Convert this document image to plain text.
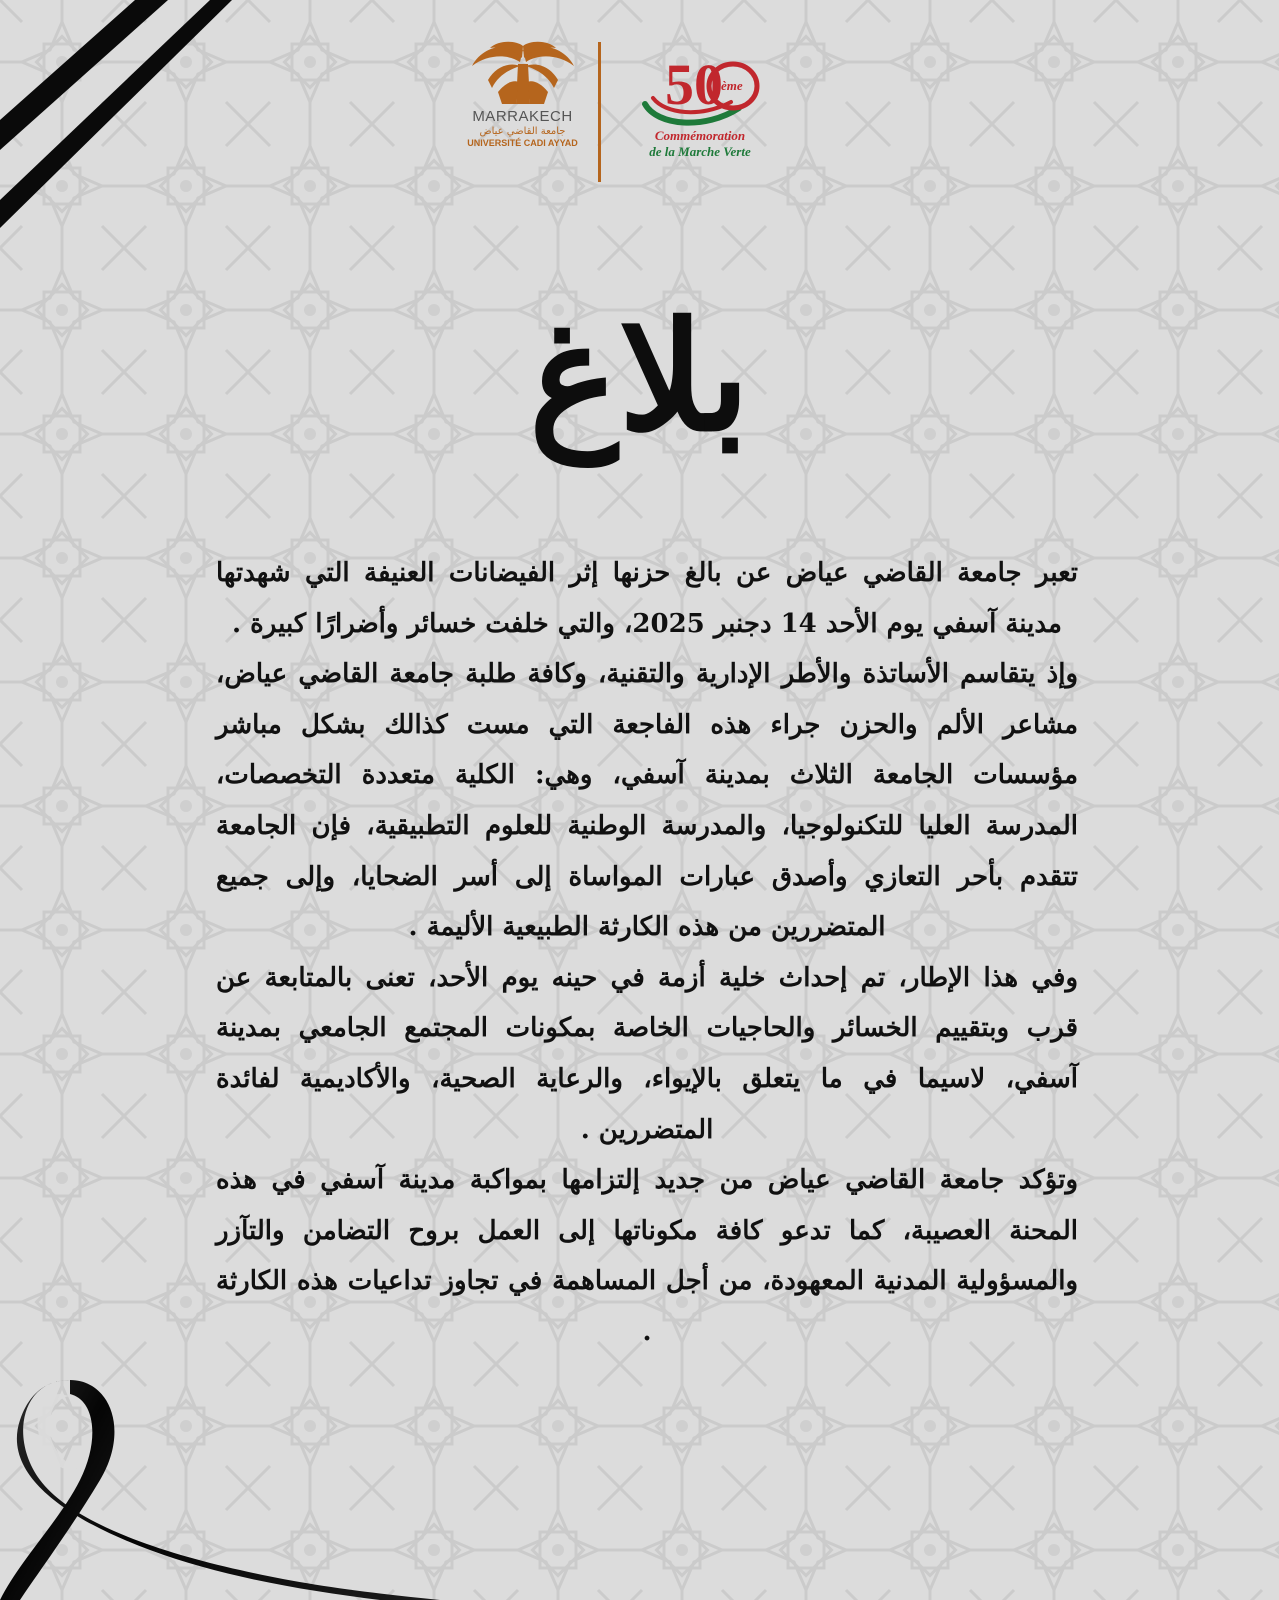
MARRAKECH
جامعة القاضي عياض
UNIVERSITÉ CADI AYYAD
50
ème
Commémoration
de la Marche Verte
بلاغ

تعبر جامعة القاضي عياض عن بالغ حزنها إثر الفيضانات العنيفة التي شهدتها مدينة آسفي يوم الأحد 14 دجنبر 2025، والتي خلفت خسائر وأضرارًا كبيرة .

وإذ يتقاسم الأساتذة والأطر الإدارية والتقنية، وكافة طلبة جامعة القاضي عياض، مشاعر الألم والحزن جراء هذه الفاجعة التي مست كذالك بشكل مباشر مؤسسات الجامعة الثلاث بمدينة آسفي، وهي: الكلية متعددة التخصصات، المدرسة العليا للتكنولوجيا، والمدرسة الوطنية للعلوم التطبيقية، فإن الجامعة تتقدم بأحر التعازي وأصدق عبارات المواساة إلى أسر الضحايا، وإلى جميع المتضررين من هذه الكارثة الطبيعية الأليمة .

وفي هذا الإطار، تم إحداث خلية أزمة في حينه يوم الأحد، تعنى بالمتابعة عن قرب وبتقييم الخسائر والحاجيات الخاصة بمكونات المجتمع الجامعي بمدينة آسفي، لاسيما في ما يتعلق بالإيواء، والرعاية الصحية، والأكاديمية لفائدة المتضررين .

وتؤكد جامعة القاضي عياض من جديد إلتزامها بمواكبة مدينة آسفي في هذه المحنة العصيبة، كما تدعو كافة مكوناتها إلى العمل بروح التضامن والتآزر والمسؤولية المدنية المعهودة، من أجل المساهمة في تجاوز تداعيات هذه الكارثة .
